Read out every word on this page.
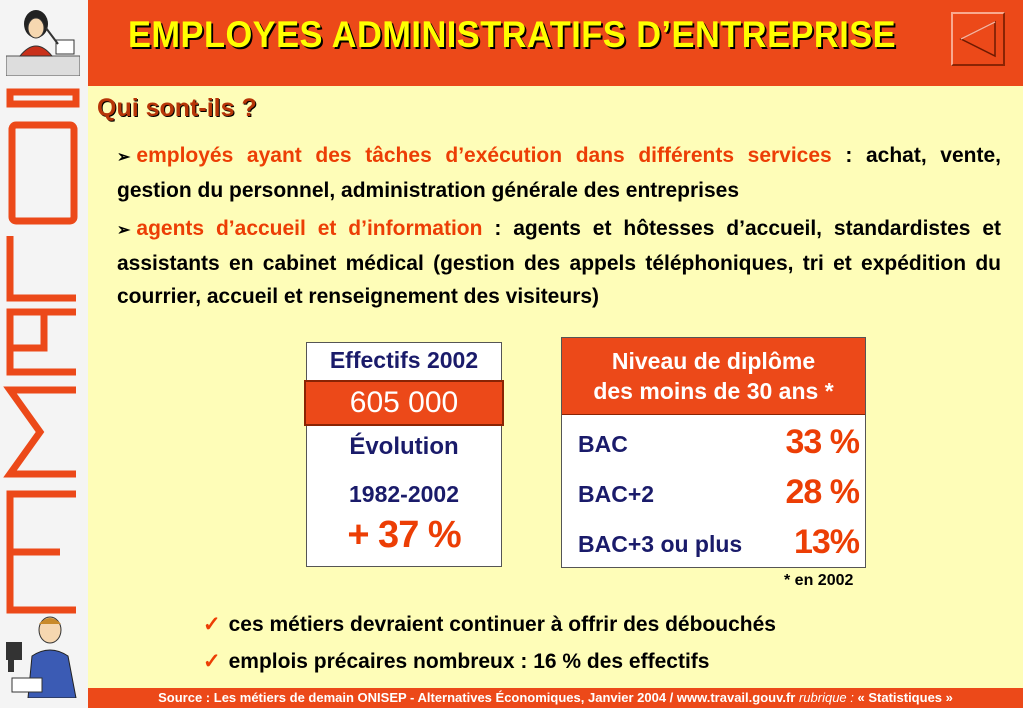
EMPLOYES ADMINISTRATIFS D’ENTREPRISE
Qui sont-ils ?
➢ employés ayant des tâches d’exécution dans différents services : achat, vente, gestion du personnel, administration générale des entreprises
➢ agents d’accueil et d’information : agents et hôtesses d’accueil, standardistes et assistants en cabinet médical (gestion des appels téléphoniques, tri et expédition du courrier, accueil et renseignement des visiteurs)
Effectifs 2002
605 000
Évolution
1982-2002
+ 37 %
Niveau de diplôme
des moins de 30 ans *
BAC	33 %
BAC+2	28 %
BAC+3 ou plus 13%
* en 2002
✓ ces métiers devraient continuer à offrir des débouchés
✓ emplois précaires nombreux : 16 % des effectifs
Source : Les métiers de demain ONISEP - Alternatives Économiques, Janvier 2004 / www.travail.gouv.fr rubrique : « Statistiques »
